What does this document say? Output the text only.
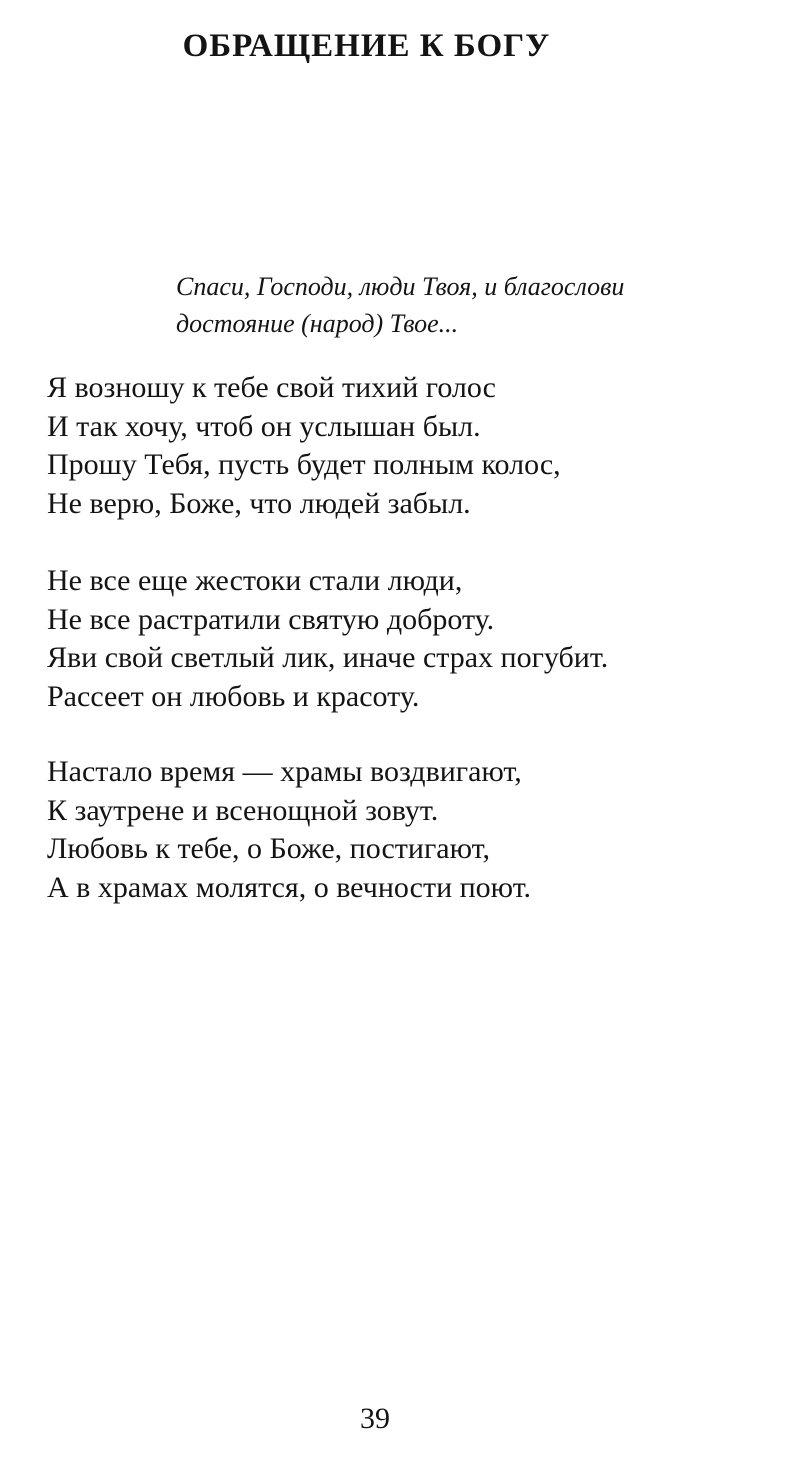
ОБРАЩЕНИЕ К БОГУ

Спаси, Господи, люди Твоя, и благослови
достояние (народ) Твое...

Я возношу к тебе свой тихий голос
И так хочу, чтоб он услышан был.
Прошу Тебя, пусть будет полным колос,
Не верю, Боже, что людей забыл.

Не все еще жестоки стали люди,
Не все растратили святую доброту.
Яви свой светлый лик, иначе страх погубит.
Рассеет он любовь и красоту.

Настало время — храмы воздвигают,
К заутрене и всенощной зовут.
Любовь к тебе, о Боже, постигают,
А в храмах молятся, о вечности поют.

39
